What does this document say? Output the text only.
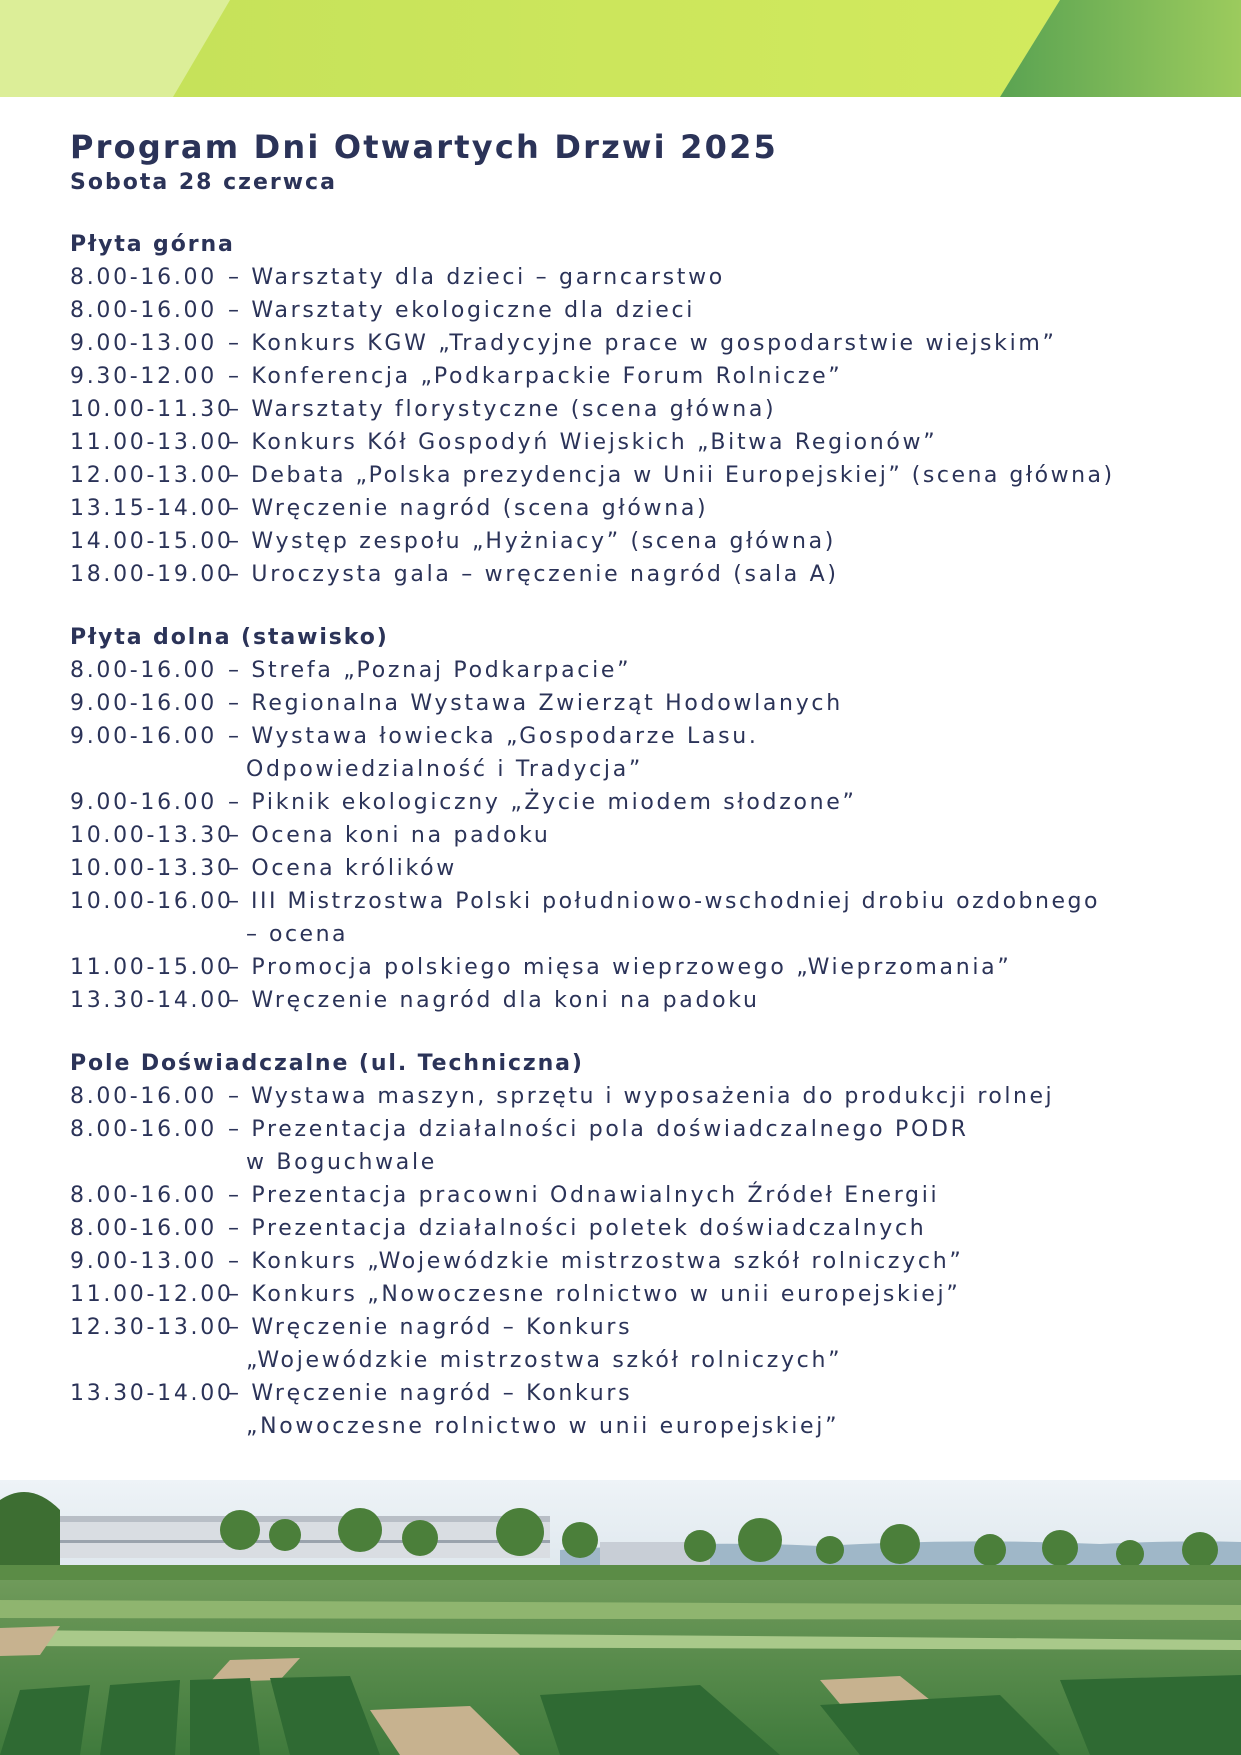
Program Dni Otwartych Drzwi 2025
Sobota 28 czerwca
Płyta górna
8.00-16.00 – Warsztaty dla dzieci – garncarstwo
8.00-16.00 – Warsztaty ekologiczne dla dzieci
9.00-13.00 – Konkurs KGW „Tradycyjne prace w gospodarstwie wiejskim”
9.30-12.00 – Konferencja „Podkarpackie Forum Rolnicze”
10.00-11.30
– Warsztaty florystyczne (scena główna)
11.00-13.00
– Konkurs Kół Gospodyń Wiejskich „Bitwa Regionów”
12.00-13.00
– Debata „Polska prezydencja w Unii Europejskiej” (scena główna)
13.15-14.00
– Wręczenie nagród (scena główna)
14.00-15.00
– Występ zespołu „Hyżniacy” (scena główna)
18.00-19.00
– Uroczysta gala – wręczenie nagród (sala A)
Płyta dolna (stawisko)
8.00-16.00 – Strefa „Poznaj Podkarpacie”
9.00-16.00 – Regionalna Wystawa Zwierząt Hodowlanych
9.00-16.00 – Wystawa łowiecka „Gospodarze Lasu.
Odpowiedzialność i Tradycja”
9.00-16.00 – Piknik ekologiczny „Życie miodem słodzone”
10.00-13.30
– Ocena koni na padoku
10.00-13.30
– Ocena królików
10.00-16.00
– III Mistrzostwa Polski południowo-wschodniej drobiu ozdobnego
– ocena
11.00-15.00
– Promocja polskiego mięsa wieprzowego „Wieprzomania”
13.30-14.00
– Wręczenie nagród dla koni na padoku
Pole Doświadczalne (ul. Techniczna)
8.00-16.00 – Wystawa maszyn, sprzętu i wyposażenia do produkcji rolnej
8.00-16.00 – Prezentacja działalności pola doświadczalnego PODR
w Boguchwale
8.00-16.00 – Prezentacja pracowni Odnawialnych Źródeł Energii
8.00-16.00 – Prezentacja działalności poletek doświadczalnych
9.00-13.00 – Konkurs „Wojewódzkie mistrzostwa szkół rolniczych”
11.00-12.00
– Konkurs „Nowoczesne rolnictwo w unii europejskiej”
12.30-13.00
– Wręczenie nagród – Konkurs
„Wojewódzkie mistrzostwa szkół rolniczych”
13.30-14.00
– Wręczenie nagród – Konkurs
„Nowoczesne rolnictwo w unii europejskiej”
